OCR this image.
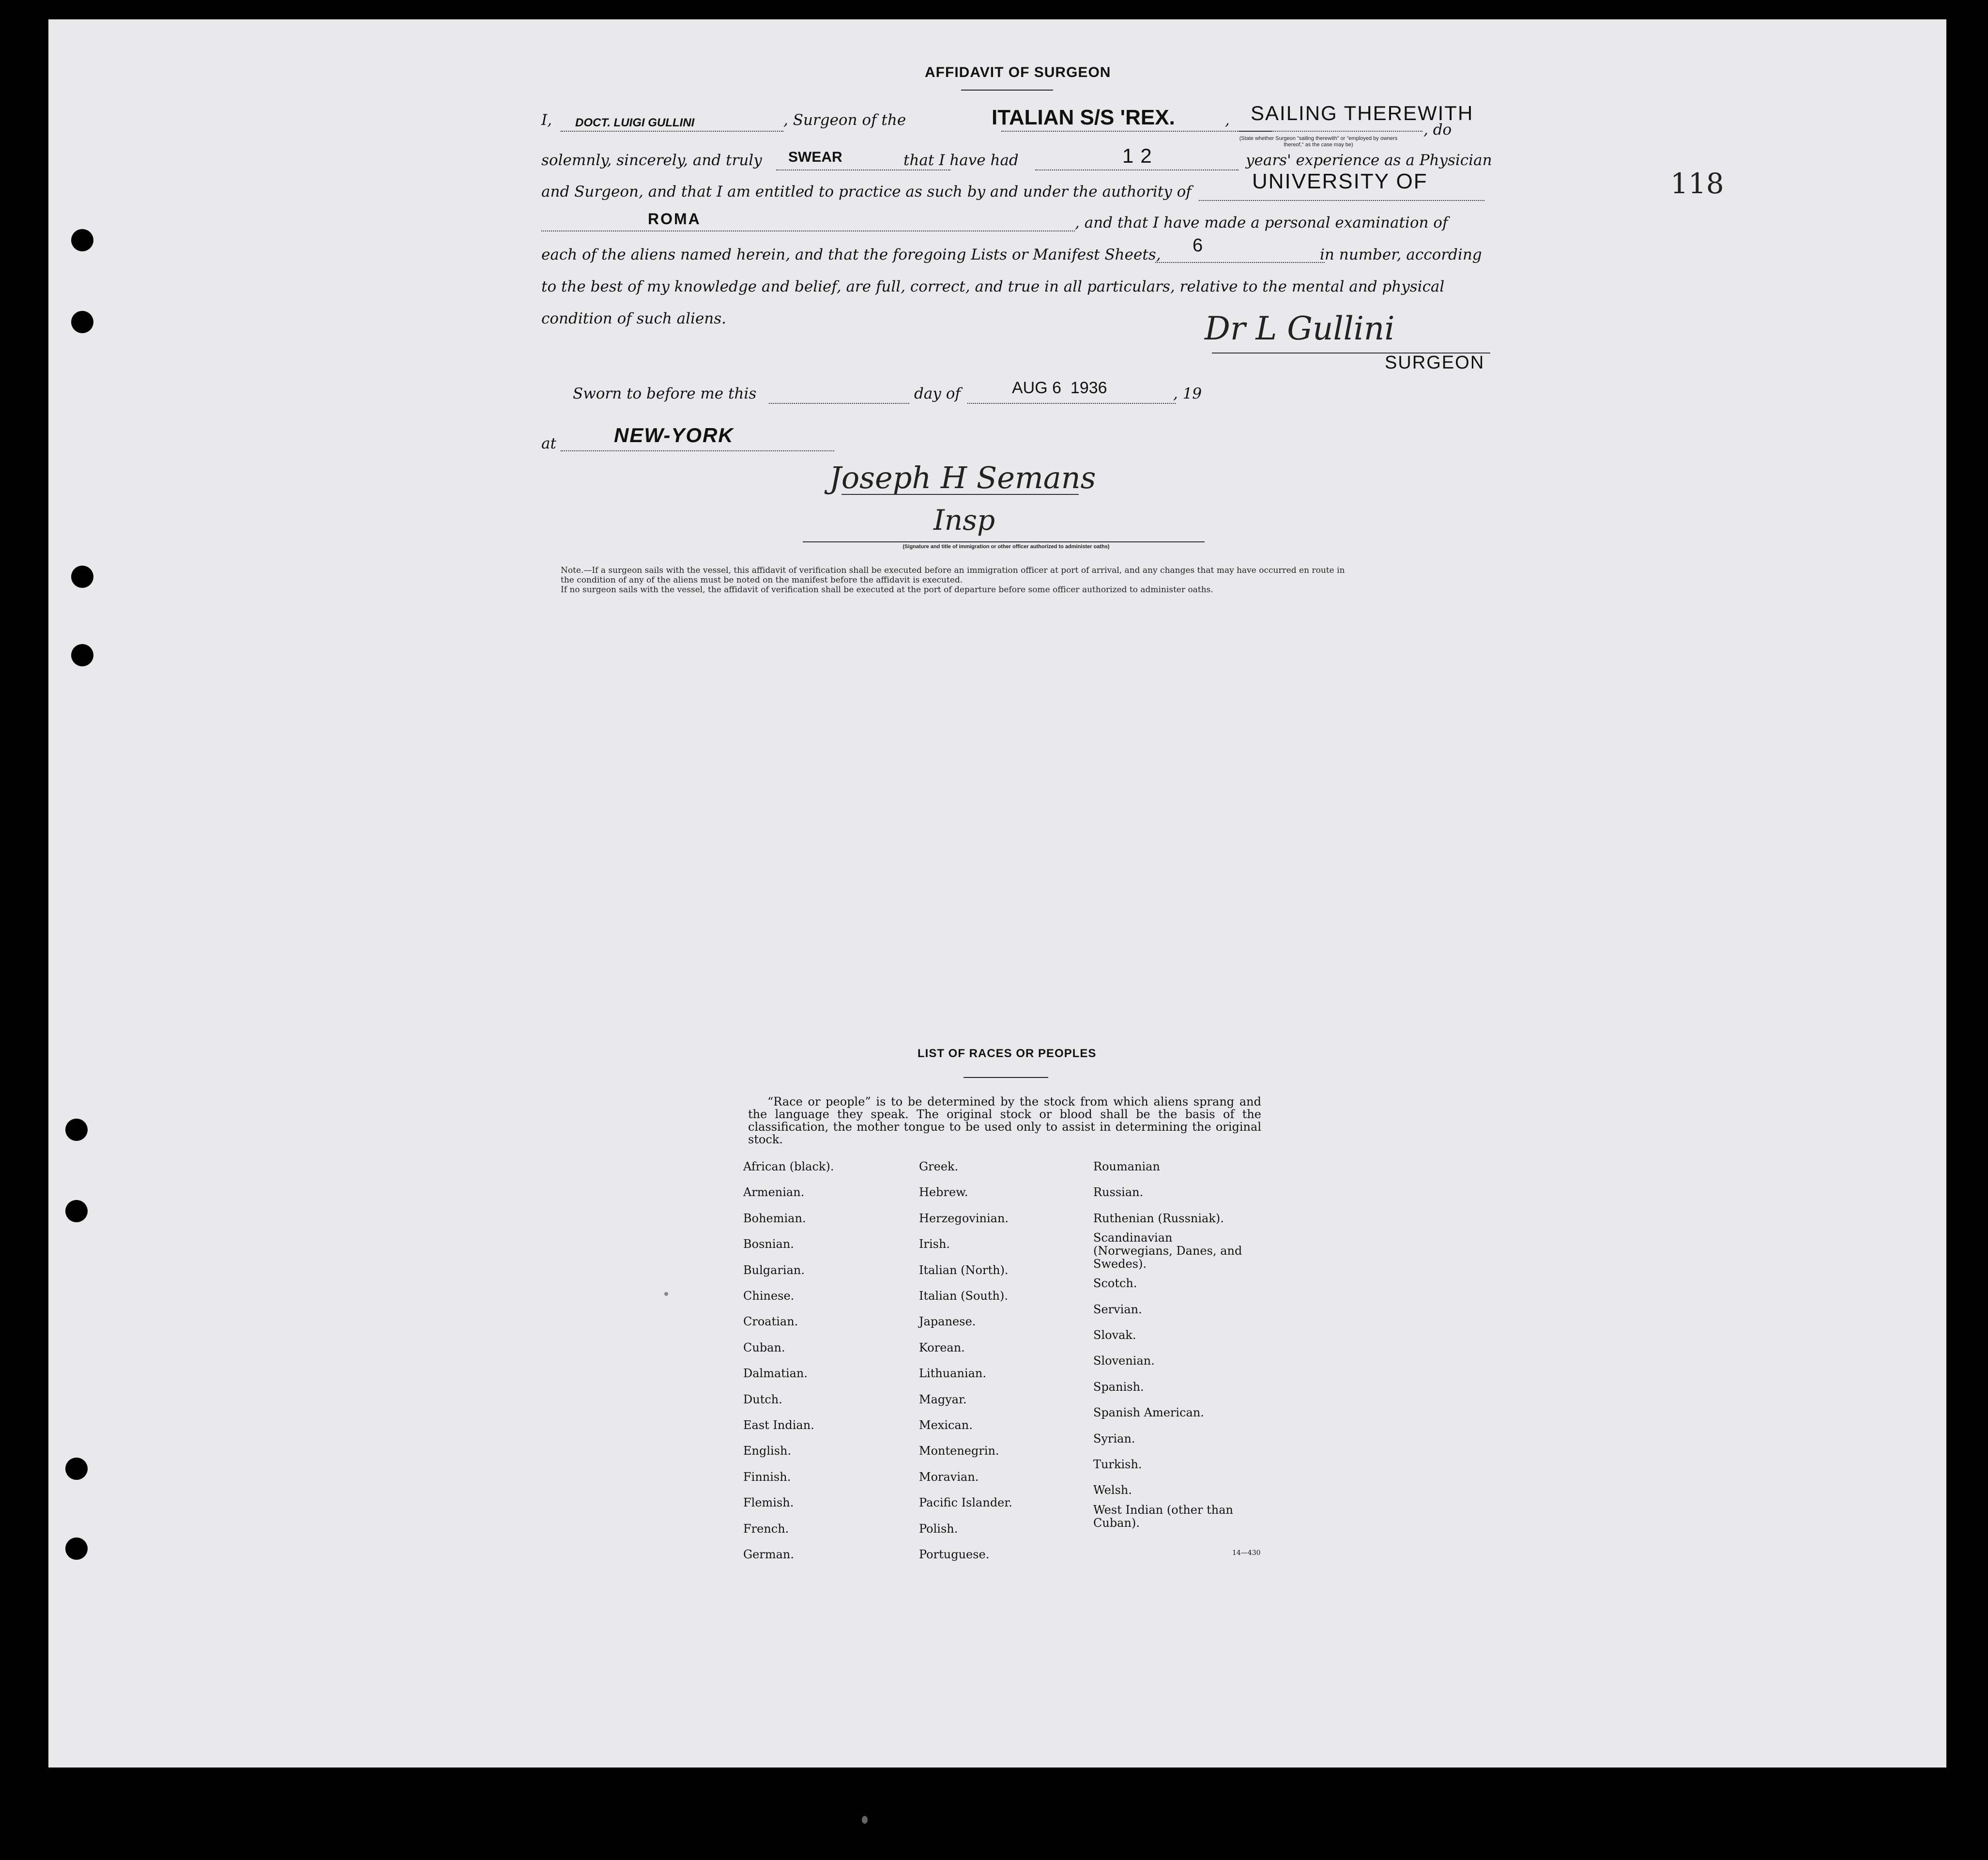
118
AFFIDAVIT OF SURGEON
I, DOCT. LUIGI GULLINI	, Surgeon of the	ITALIAN S/S 'REX.	, SAILING THEREWITH
, do
(State whether Surgeon "sailing therewith" or "employed by owners thereof," as the case may be)
solemnly, sincerely, and truly SWEAR	that I have had	12	years' experience as a Physician
and Surgeon, and that I am entitled to practice as such by and under the authority of	UNIVERSITY OF
ROMA	, and that I have made a personal examination of
each of the aliens named herein, and that the foregoing Lists or Manifest Sheets, 6	in number, according
to the best of my knowledge and belief, are full, correct, and true in all particulars, relative to the mental and physical
condition of such aliens.	Dr L Gullini
SURGEON
Sworn to before me this	day of	AUG 6  1936	, 19
at	NEW-YORK
Joseph H Semans
Insp
(Signature and title of immigration or other officer authorized to administer oaths)
Note.—If a surgeon sails with the vessel, this affidavit of verification shall be executed before an immigration officer at port of arrival, and any changes that may have occurred en route in
the condition of any of the aliens must be noted on the manifest before the affidavit is executed.
If no surgeon sails with the vessel, the affidavit of verification shall be executed at the port of departure before some officer authorized to administer oaths.
LIST OF RACES OR PEOPLES
“Race or people” is to be determined by the stock from which aliens sprang and the language they speak. The original stock or blood shall be the basis of the classification, the mother tongue to be used only to assist in determining the original stock.
African (black).
Armenian.
Bohemian.
Bosnian.
Bulgarian.
Chinese.
Croatian.
Cuban.
Dalmatian.
Dutch.
East Indian.
English.
Finnish.
Flemish.
French.
German.
Greek.
Hebrew.
Herzegovinian.
Irish.
Italian (North).
Italian (South).
Japanese.
Korean.
Lithuanian.
Magyar.
Mexican.
Montenegrin.
Moravian.
Pacific Islander.
Polish.
Portuguese.
Roumanian
Russian.
Ruthenian (Russniak).
Scandinavian (Norwegians, Danes, and Swedes).
Scotch.
Servian.
Slovak.
Slovenian.
Spanish.
Spanish American.
Syrian.
Turkish.
Welsh.
West Indian (other than Cuban).
14—430
